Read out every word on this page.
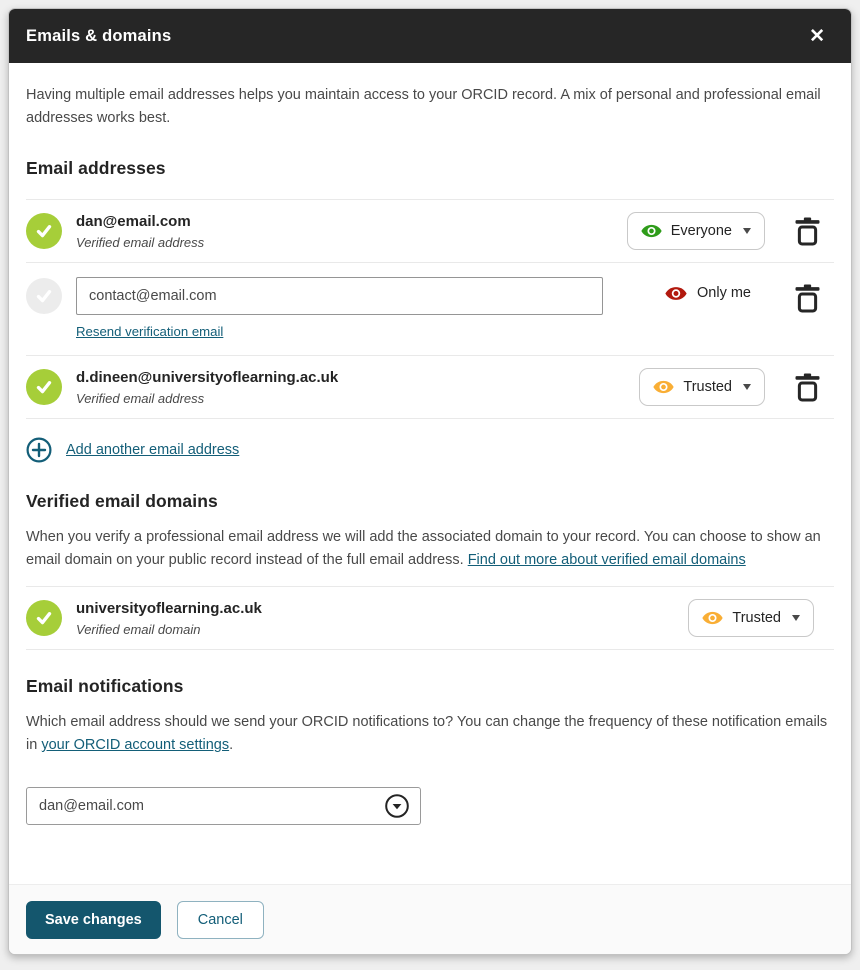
Emails & domains	✕

Having multiple email addresses helps you maintain access to your ORCID record. A mix of personal and professional email addresses works best.

Email addresses
dan@email.com
Verified email address
Everyone
contact@email.com
Resend verification email
Only me
d.dineen@universityoflearning.ac.uk
Verified email address
Trusted
Add another email address
Verified email domains

When you verify a professional email address we will add the associated domain to your record. You can choose to show an email domain on your public record instead of the full email address. Find out more about verified email domains

universityoflearning.ac.uk
Verified email domain
Trusted
Email notifications

Which email address should we send your ORCID notifications to? You can change the frequency of these notification emails in your ORCID account settings.

dan@email.com
Save changes	Cancel
